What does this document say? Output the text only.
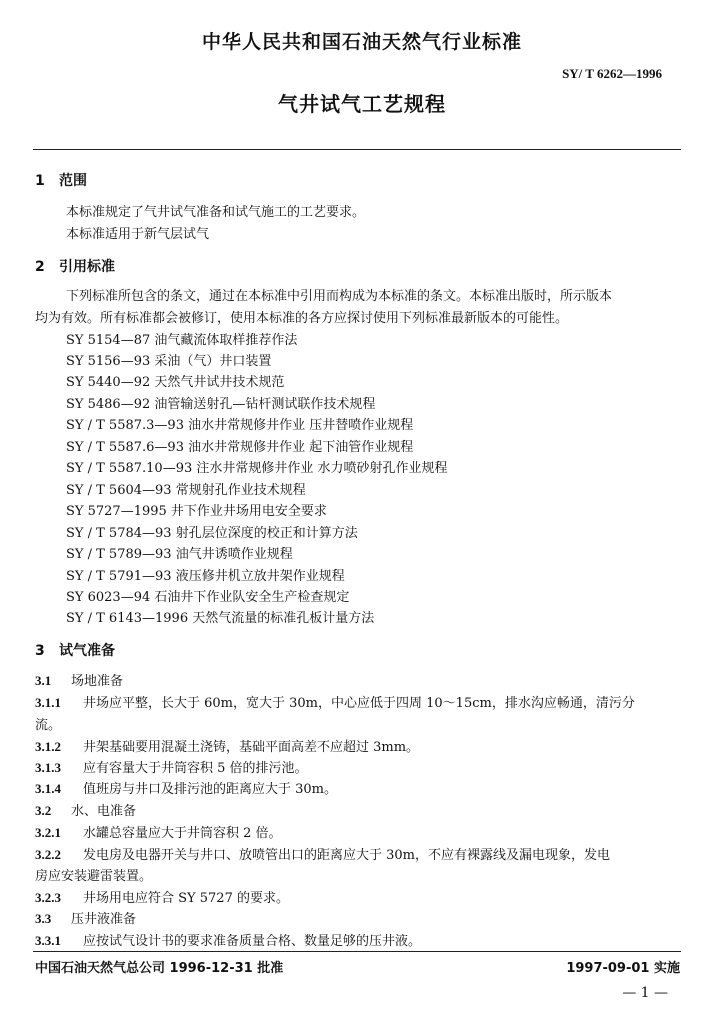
中华人民共和国石油天然气行业标准
SY/ T 6262—1996
气井试气工艺规程
1 范围
本标准规定了气井试气准备和试气施工的工艺要求。
本标准适用于新气层试气
2 引用标准
下列标准所包含的条文，通过在本标准中引用而构成为本标准的条文。本标准出版时，所示版本
均为有效。所有标准都会被修订，使用本标准的各方应探讨使用下列标准最新版本的可能性。
SY 5154—87 油气藏流体取样推荐作法
SY 5156—93 采油（气）井口装置
SY 5440—92 天然气井试井技术规范
SY 5486—92 油管输送射孔—钻杆测试联作技术规程
SY / T 5587.3—93 油水井常规修井作业 压井替喷作业规程
SY / T 5587.6—93 油水井常规修井作业 起下油管作业规程
SY / T 5587.10—93 注水井常规修井作业 水力喷砂射孔作业规程
SY / T 5604—93 常规射孔作业技术规程
SY 5727—1995 井下作业井场用电安全要求
SY / T 5784—93 射孔层位深度的校正和计算方法
SY / T 5789—93 油气井诱喷作业规程
SY / T 5791—93 液压修井机立放井架作业规程
SY 6023—94 石油井下作业队安全生产检查规定
SY / T 6143—1996 天然气流量的标准孔板计量方法
3 试气准备
3.1 场地准备
3.1.1 井场应平整，长大于 60m，宽大于 30m，中心应低于四周 10～15cm，排水沟应畅通，清污分
流。
3.1.2 井架基础要用混凝土浇铸，基础平面高差不应超过 3mm。
3.1.3 应有容量大于井筒容积 5 倍的排污池。
3.1.4 值班房与井口及排污池的距离应大于 30m。
3.2 水、电准备
3.2.1 水罐总容量应大于井筒容积 2 倍。
3.2.2 发电房及电器开关与井口、放喷管出口的距离应大于 30m，不应有裸露线及漏电现象，发电
房应安装避雷装置。
3.2.3 井场用电应符合 SY 5727 的要求。
3.3 压井液准备
3.3.1 应按试气设计书的要求准备质量合格、数量足够的压井液。
中国石油天然气总公司 1996-12-31 批准	1997-09-01 实施
— 1 —
